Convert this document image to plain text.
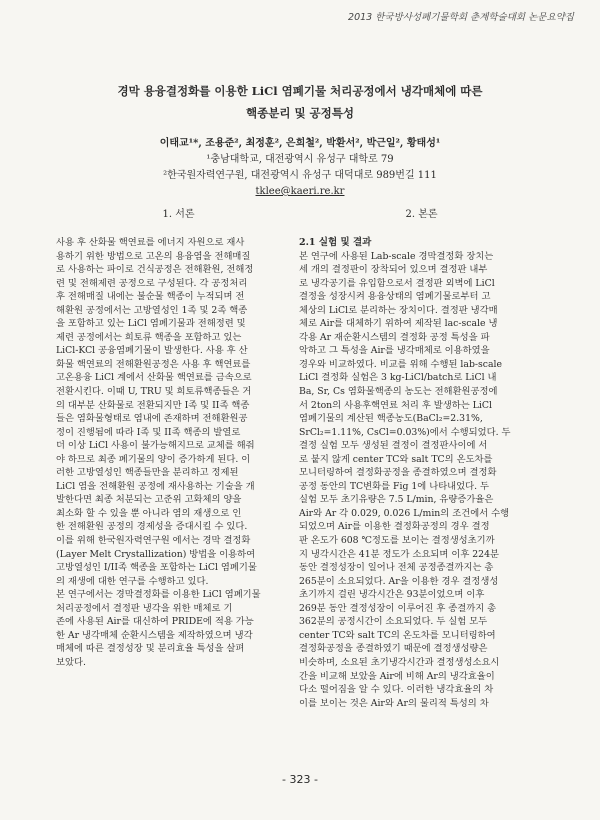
2013 한국방사성폐기물학회 춘계학술대회 논문요약집

경막 용융결정화를 이용한 LiCl 염폐기물 처리공정에서 냉각매체에 따른

핵종분리 및 공정특성

이태교¹*, 조용준², 최정훈², 은희철², 박환서², 박근일², 황태성¹
¹충남대학교, 대전광역시 유성구 대학로 79
²한국원자력연구원, 대전광역시 유성구 대덕대로 989번길 111
tklee@kaeri.re.kr

1. 서론

사용 후 산화물 핵연료를 에너지 자원으로 재사
용하기 위한 방법으로 고온의 용융염을 전해매질
로 사용하는 파이로 건식공정은 전해환원, 전해정
련 및 전해제련 공정으로 구성된다. 각 공정처리
후 전해매질 내에는 불순물 핵종이 누적되며 전
해환원 공정에서는 고방열성인 1족 및 2족 핵종
을 포함하고 있는 LiCl 염폐기물과 전해정련 및
제련 공정에서는 희토류 핵종을 포함하고 있는
LiCl-KCl 공융염폐기물이 발생한다. 사용 후 산
화물 핵연료의 전해환원공정은 사용 후 핵연료를
고온용융 LiCl 계에서 산화물 핵연료를 금속으로
전환시킨다. 이때 U, TRU 및 희토류핵종들은 거
의 대부분 산화물로 전환되지만 I족 및 II족 핵종
들은 염화물형태로 염내에 존재하며 전해환원공
정이 진행됨에 따라 I족 및 II족 핵종의 발열로
더 이상 LiCl 사용이 불가능해지므로 교체를 해줘
야 하므로 최종 폐기물의 양이 증가하게 된다. 이
러한 고방열성인 핵종들만을 분리하고 정제된
LiCl 염을 전해환원 공정에 재사용하는 기술을 개
발한다면 최종 처분되는 고준위 고화체의 양을
최소화 할 수 있을 뿐 아니라 염의 재생으로 인
한 전해환원 공정의 경제성을 증대시킬 수 있다.
이를 위해 한국원자력연구원 에서는 경막 결정화
(Layer Melt Crystallization) 방법을 이용하여
고방열성인 I/II족 핵종을 포함하는 LiCl 염폐기물
의 재생에 대한 연구를 수행하고 있다.

본 연구에서는 경막결정화를 이용한 LiCl 염폐기물
처리공정에서 결정판 냉각을 위한 매체로 기
존에 사용된 Air를 대신하여 PRIDE에 적용 가능
한 Ar 냉각매체 순환시스템을 제작하였으며 냉각
매체에 따른 결정성장 및 분리효율 특성을 살펴
보았다.

2. 본론

2.1 실험 및 결과

본 연구에 사용된 Lab-scale 경막결정화 장치는
세 개의 결정판이 장착되어 있으며 결정판 내부
로 냉각공기를 유입함으로서 결정판 외벽에 LiCl
결정을 성장시켜 용융상태의 염폐기물로부터 고
체상의 LiCl로 분리하는 장치이다. 결정판 냉각매
체로 Air를 대체하기 위하여 제작된 lac-scale 냉
각용 Ar 재순환시스템의 결정화 공정 특성을 파
악하고 그 특성을 Air를 냉각매체로 이용하였을
경우와 비교하였다. 비교를 위해 수행된 lab-scale
LiCl 결정화 실험은 3 kg-LiCl/batch로 LiCl 내
Ba, Sr, Cs 염화물핵종의 농도는 전해환원공정에
서 2ton의 사용후핵연료 처리 후 발생하는 LiCl
염폐기물의 계산된 핵종농도(BaCl₂=2.31%,
SrCl₂=1.11%, CsCl=0.03%)에서 수행되었다. 두
결정 실험 모두 생성된 결정이 결정판사이에 서
로 붙지 않게 center TC와 salt TC의 온도차를
모니터링하여 결정화공정을 종결하였으며 결정화
공정 동안의 TC변화를 Fig 1에 나타내었다. 두
실험 모두 초기유량은 7.5 L/min, 유량증가율은
Air와 Ar 각 0.029, 0.026 L/min의 조건에서 수행
되었으며 Air를 이용한 결정화공정의 경우 결정
판 온도가 608 ℃정도를 보이는 결정생성초기까
지 냉각시간은 41분 정도가 소요되며 이후 224분
동안 결정성장이 일어나 전체 공정종결까지는 총
265분이 소요되었다. Ar을 이용한 경우 결정생성
초기까지 걸린 냉각시간은 93분이었으며 이후
269분 동안 결정성장이 이루어진 후 종결까지 총
362분의 공정시간이 소요되었다. 두 실험 모두
center TC와 salt TC의 온도차를 모니터링하여
결정화공정을 종결하였기 때문에 결정생성량은
비슷하며, 소요된 초기냉각시간과 결정생성소요시
간을 비교해 보았을 Air에 비해 Ar의 냉각효율이
다소 떨어짐을 알 수 있다. 이러한 냉각효율의 차
이를 보이는 것은 Air와 Ar의 물리적 특성의 차

- 323 -
